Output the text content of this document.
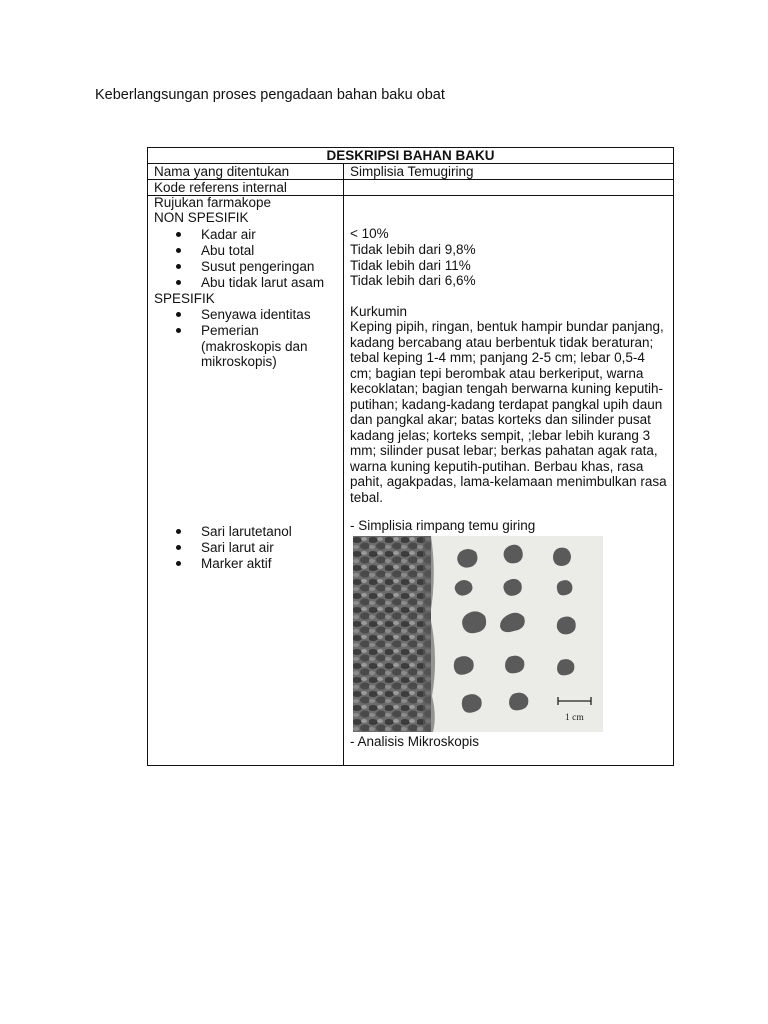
Keberlangsungan proses pengadaan bahan baku obat
DESKRIPSI BAHAN BAKU
Nama yang ditentukan	Simplisia Temugiring
Kode referens internal
Rujukan farmakope
NON SPESIFIK
Kadar air
Abu total
Susut pengeringan
Abu tidak larut asam
SPESIFIK
Senyawa identitas
Pemerian (makroskopis dan mikroskopis)
Sari larutetanol
Sari larut air
Marker aktif
< 10%
Tidak lebih dari 9,8%
Tidak lebih dari 11%
Tidak lebih dari 6,6%
Kurkumin
Keping pipih, ringan, bentuk hampir bundar panjang, kadang bercabang atau berbentuk tidak beraturan; tebal keping 1-4 mm; panjang 2-5 cm; lebar 0,5-4 cm; bagian tepi berombak atau berkeriput, warna kecoklatan; bagian tengah berwarna kuning keputih-putihan; kadang-kadang terdapat pangkal upih daun dan pangkal akar; batas korteks dan silinder pusat kadang jelas; korteks sempit, ;lebar lebih kurang 3 mm; silinder pusat lebar; berkas pahatan agak rata, warna kuning keputih-putihan. Berbau khas, rasa pahit, agakpadas, lama-kelamaan menimbulkan rasa tebal.
- Simplisia rimpang temu giring
1 cm
- Analisis Mikroskopis
